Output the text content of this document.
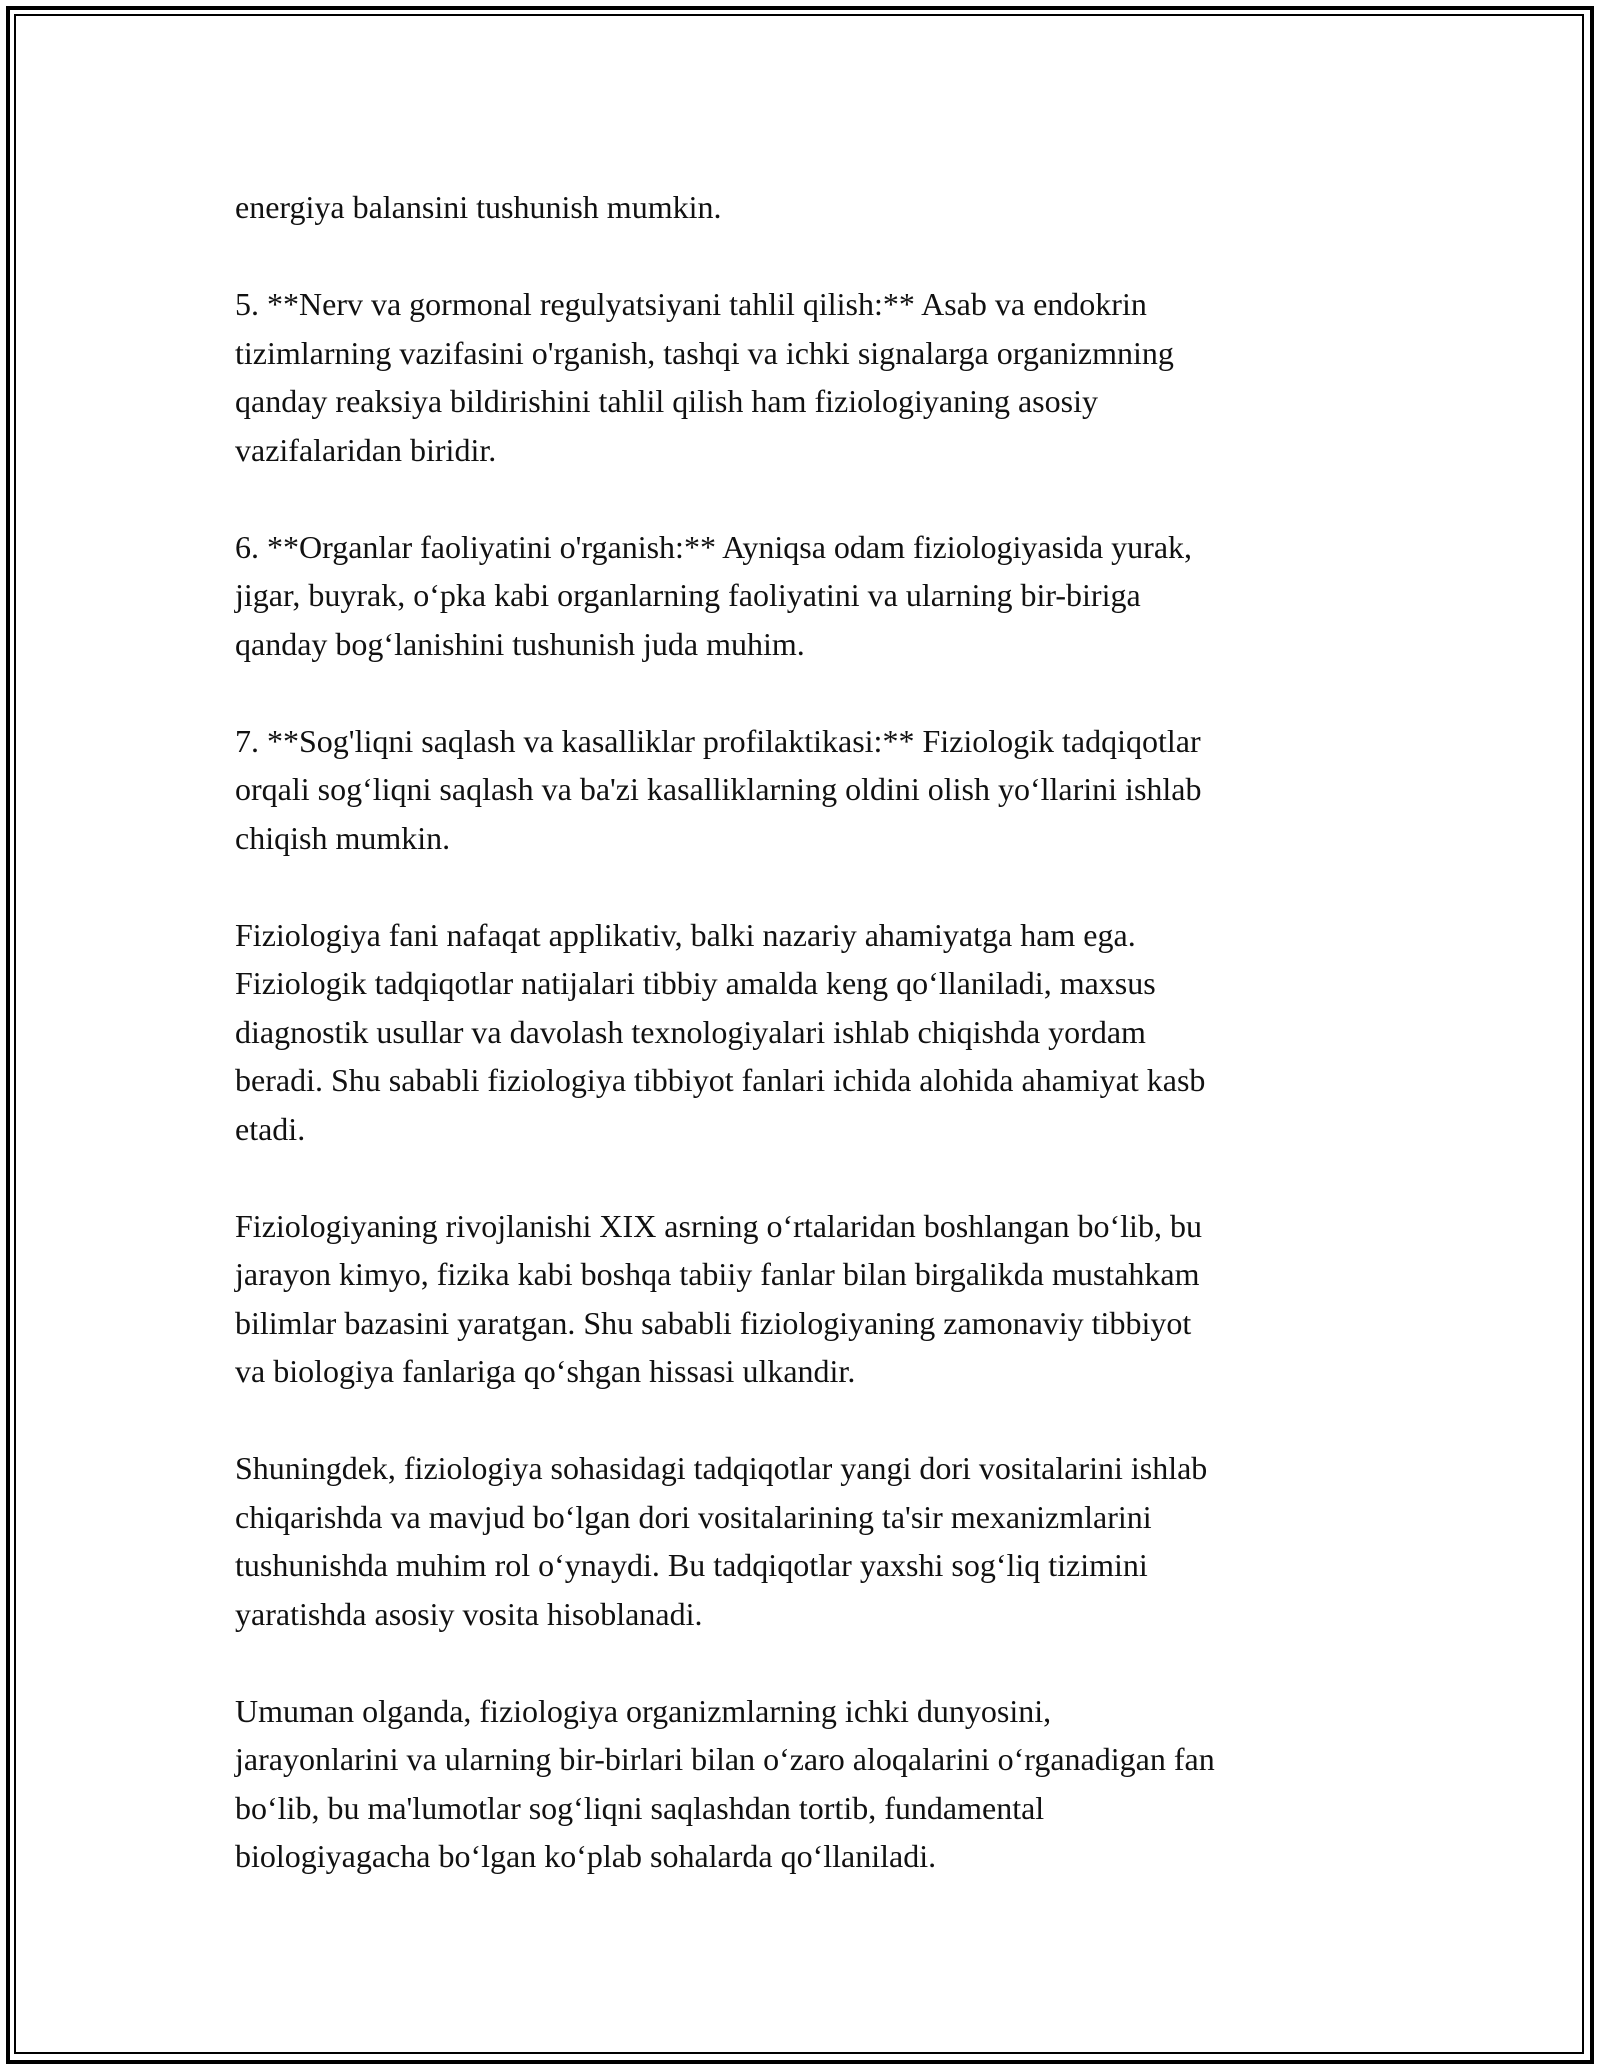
energiya balansini tushunish mumkin.
5. **Nerv va gormonal regulyatsiyani tahlil qilish:** Asab va endokrin
tizimlarning vazifasini o'rganish, tashqi va ichki signalarga organizmning
qanday reaksiya bildirishini tahlil qilish ham fiziologiyaning asosiy
vazifalaridan biridir.
6. **Organlar faoliyatini o'rganish:** Ayniqsa odam fiziologiyasida yurak,
jigar, buyrak, o‘pka kabi organlarning faoliyatini va ularning bir-biriga
qanday bog‘lanishini tushunish juda muhim.
7. **Sog'liqni saqlash va kasalliklar profilaktikasi:** Fiziologik tadqiqotlar
orqali sog‘liqni saqlash va ba'zi kasalliklarning oldini olish yo‘llarini ishlab
chiqish mumkin.
Fiziologiya fani nafaqat applikativ, balki nazariy ahamiyatga ham ega.
Fiziologik tadqiqotlar natijalari tibbiy amalda keng qo‘llaniladi, maxsus
diagnostik usullar va davolash texnologiyalari ishlab chiqishda yordam
beradi. Shu sababli fiziologiya tibbiyot fanlari ichida alohida ahamiyat kasb
etadi.
Fiziologiyaning rivojlanishi XIX asrning o‘rtalaridan boshlangan bo‘lib, bu
jarayon kimyo, fizika kabi boshqa tabiiy fanlar bilan birgalikda mustahkam
bilimlar bazasini yaratgan. Shu sababli fiziologiyaning zamonaviy tibbiyot
va biologiya fanlariga qo‘shgan hissasi ulkandir.
Shuningdek, fiziologiya sohasidagi tadqiqotlar yangi dori vositalarini ishlab
chiqarishda va mavjud bo‘lgan dori vositalarining ta'sir mexanizmlarini
tushunishda muhim rol o‘ynaydi. Bu tadqiqotlar yaxshi sog‘liq tizimini
yaratishda asosiy vosita hisoblanadi.
Umuman olganda, fiziologiya organizmlarning ichki dunyosini,
jarayonlarini va ularning bir-birlari bilan o‘zaro aloqalarini o‘rganadigan fan
bo‘lib, bu ma'lumotlar sog‘liqni saqlashdan tortib, fundamental
biologiyagacha bo‘lgan ko‘plab sohalarda qo‘llaniladi.
